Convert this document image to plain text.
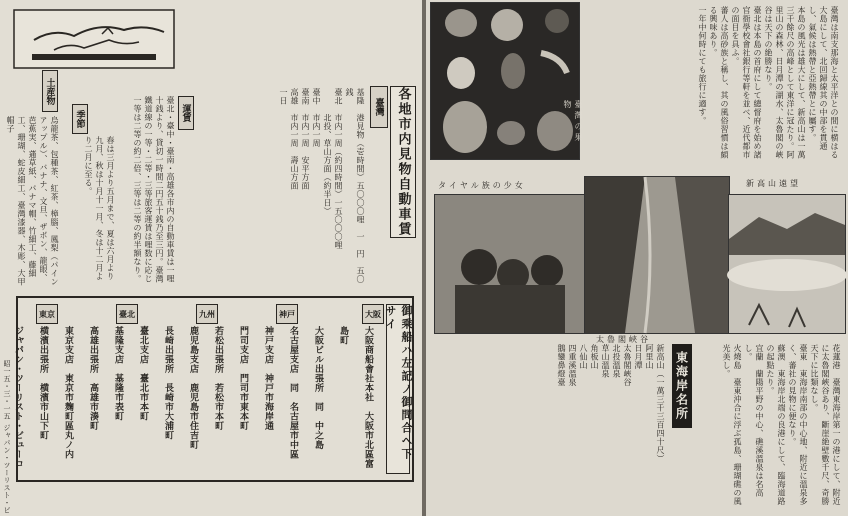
各地市内見物自動車賃
臺灣
基隆　港見物（壱時間）五〇〇〇哩　一　円　五〇銭
臺北　市内一周（約四時間）一五〇〇〇哩
　　　北投、草山方面（約半日）
臺中　市内一周
臺南　市内一周　安平方面
高雄　市内一周　壽山方面
一日
運賃
臺北・臺中・臺南・高雄各市内の自動車賃は一哩十銭より、貸切一時間二円五十銭乃至三円。臺灣鐵道線の一等・二等・三等旅客運賃は哩数に応じ一等は二等の約二倍、三等は二等の約半額なり。
土産物
烏龍茶、包種茶、紅茶、樟腦、鳳梨（パインアップル）、バナナ、文旦、ザボン、龍眼、芭蕉実、蓪草紙、パナマ帽、竹細工、藤細工、珊瑚、蛇皮細工、臺灣漆器、木彫、大甲帽子	季節
春は三月より五月まで、夏は六月より九月、秋は十月十一月、冬は十二月より二月に至る。
御乘船ハ左記ノ御問合ヘ下サイ
大阪
神戸
九州
臺北
東京
大阪商船會社本社　大阪市北區富島町
大阪ビル出張所　同　中之島
名古屋支店　同　名古屋市中區
神戸支店　神戸市海岸通
門司支店　門司市東本町
若松出張所　若松市本町
鹿児島支店　鹿児島市住吉町
長崎出張所　長崎市大浦町
臺北支店　臺北市本町
基隆支店　基隆市表町
高雄出張所　高雄市湊町
東京支店　東京市麹町區丸ノ内
横濱出張所　横濱市山下町
ジャパン・ツーリスト・ビューロ
昭一五・三・一五
ジャパン・ツーリスト・ビ
臺灣の果物	臺灣は南支那海と太平洋との間に横はる大島にして、北回歸線其の中部を貫通し、氣候は熱帶と亞熱帶とに屬す。

本島の風光は雄大にして、新高山は一萬三千餘尺の高峰として東洋に冠たり。阿里山の森林、日月潭の湖水、太魯閣の峽谷は天下の絶勝なり。

臺北は本島の首府にして總督府を始め諸官衙學校會社銀行等軒を並べ、近代都市の面目を具ふ。

蕃人は高砂族と稱し、其の風俗習慣は頗る興味あり。

一年中何時にても旅行に適す。

タイヤル族の少女	新高山遠望
太魯閣峽谷
新高山（一萬三千三百四十尺）
阿里山
日月潭
太魯閣峽谷
北投溫泉
草山溫泉
角板山
八仙山
四重溪溫泉
鵝鑾鼻燈臺	東海岸名所	花蓮港　臺灣東海岸第一の港にして、附近に太魯閣峽谷あり、斷崖絶壁數千尺、奇勝天下に比類なし。

臺東　東海岸南部の中心地、附近に溫泉多く、蕃社の見物に便なり。

蘇澳　東海岸北端の良港にして、臨海道路の起點たり。

宜蘭　蘭陽平野の中心、礁溪溫泉は名高し。

火燒島　臺東沖合に浮ぶ孤島、珊瑚礁の風光美し。
